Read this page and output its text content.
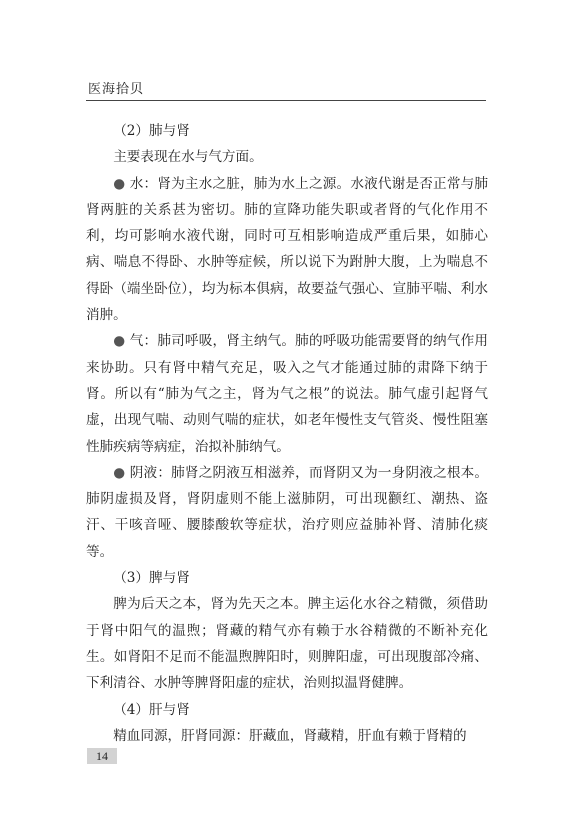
医海拾贝

（2）肺与肾

主要表现在水与气方面。

● 水：肾为主水之脏，肺为水上之源。水液代谢是否正常与肺肾两脏的关系甚为密切。肺的宣降功能失职或者肾的气化作用不利，均可影响水液代谢，同时可互相影响造成严重后果，如肺心病、喘息不得卧、水肿等症候，所以说下为跗肿大腹，上为喘息不得卧（端坐卧位），均为标本俱病，故要益气强心、宣肺平喘、利水消肿。

● 气：肺司呼吸，肾主纳气。肺的呼吸功能需要肾的纳气作用来协助。只有肾中精气充足，吸入之气才能通过肺的肃降下纳于肾。所以有“肺为气之主，肾为气之根”的说法。肺气虚引起肾气虚，出现气喘、动则气喘的症状，如老年慢性支气管炎、慢性阻塞性肺疾病等病症，治拟补肺纳气。

● 阴液：肺肾之阴液互相滋养，而肾阴又为一身阴液之根本。肺阴虚损及肾，肾阴虚则不能上滋肺阴，可出现颧红、潮热、盗汗、干咳音哑、腰膝酸软等症状，治疗则应益肺补肾、清肺化痰等。

（3）脾与肾

脾为后天之本，肾为先天之本。脾主运化水谷之精微，须借助于肾中阳气的温煦；肾藏的精气亦有赖于水谷精微的不断补充化生。如肾阳不足而不能温煦脾阳时，则脾阳虚，可出现腹部冷痛、下利清谷、水肿等脾肾阳虚的症状，治则拟温肾健脾。

（4）肝与肾

精血同源，肝肾同源：肝藏血，肾藏精，肝血有赖于肾精的

14
